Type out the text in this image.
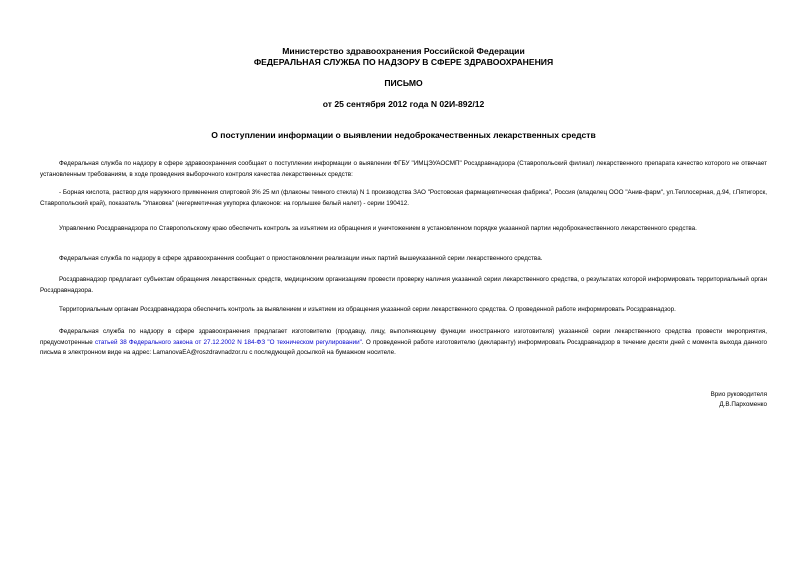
Министерство здравоохранения Российской Федерации
ФЕДЕРАЛЬНАЯ СЛУЖБА ПО НАДЗОРУ В СФЕРЕ ЗДРАВООХРАНЕНИЯ
ПИСЬМО
от 25 сентября 2012 года N 02И-892/12
О поступлении информации о выявлении недоброкачественных лекарственных средств

Федеральная служба по надзору в сфере здравоохранения сообщает о поступлении информации о выявлении ФГБУ "ИМЦЭУАОСМП" Росздравнадзора (Ставропольский филиал) лекарственного препарата качество которого не отвечает установленным требованиям, в ходе проведения выборочного контроля качества лекарственных средств:

- Борная кислота, раствор для наружного применения спиртовой 3% 25 мл (флаконы темного стекла) N 1 производства ЗАО "Ростовская фармацевтическая фабрика", Россия (владелец ООО "Анив-фарм", ул.Теплосерная, д.94, г.Пятигорск, Ставропольский край), показатель "Упаковка" (негерметичная укупорка флаконов: на горлышке белый налет) - серии 190412.

Управлению Росздравнадзора по Ставропольскому краю обеспечить контроль за изъятием из обращения и уничтожением в установленном порядке указанной партии недоброкачественного лекарственного средства.

Федеральная служба по надзору в сфере здравоохранения сообщает о приостановлении реализации иных партий вышеуказанной серии лекарственного средства.

Росздравнадзор предлагает субъектам обращения лекарственных средств, медицинским организациям провести проверку наличия указанной серии лекарственного средства, о результатах которой информировать территориальный орган Росздравнадзора.

Территориальным органам Росздравнадзора обеспечить контроль за выявлением и изъятием из обращения указанной серии лекарственного средства. О проведенной работе информировать Росздравнадзор.

Федеральная служба по надзору в сфере здравоохранения предлагает изготовителю (продавцу, лицу, выполняющему функции иностранного изготовителя) указанной серии лекарственного средства провести мероприятия, предусмотренные статьей 38 Федерального закона от 27.12.2002 N 184-ФЗ "О техническом регулировании". О проведенной работе изготовителю (декларанту) информировать Росздравнадзор в течение десяти дней с момента выхода данного письма в электронном виде на адрес: LamanovaEA@roszdravnadzor.ru с последующей досылкой на бумажном носителе.

Врио руководителя
Д.В.Пархоменко
